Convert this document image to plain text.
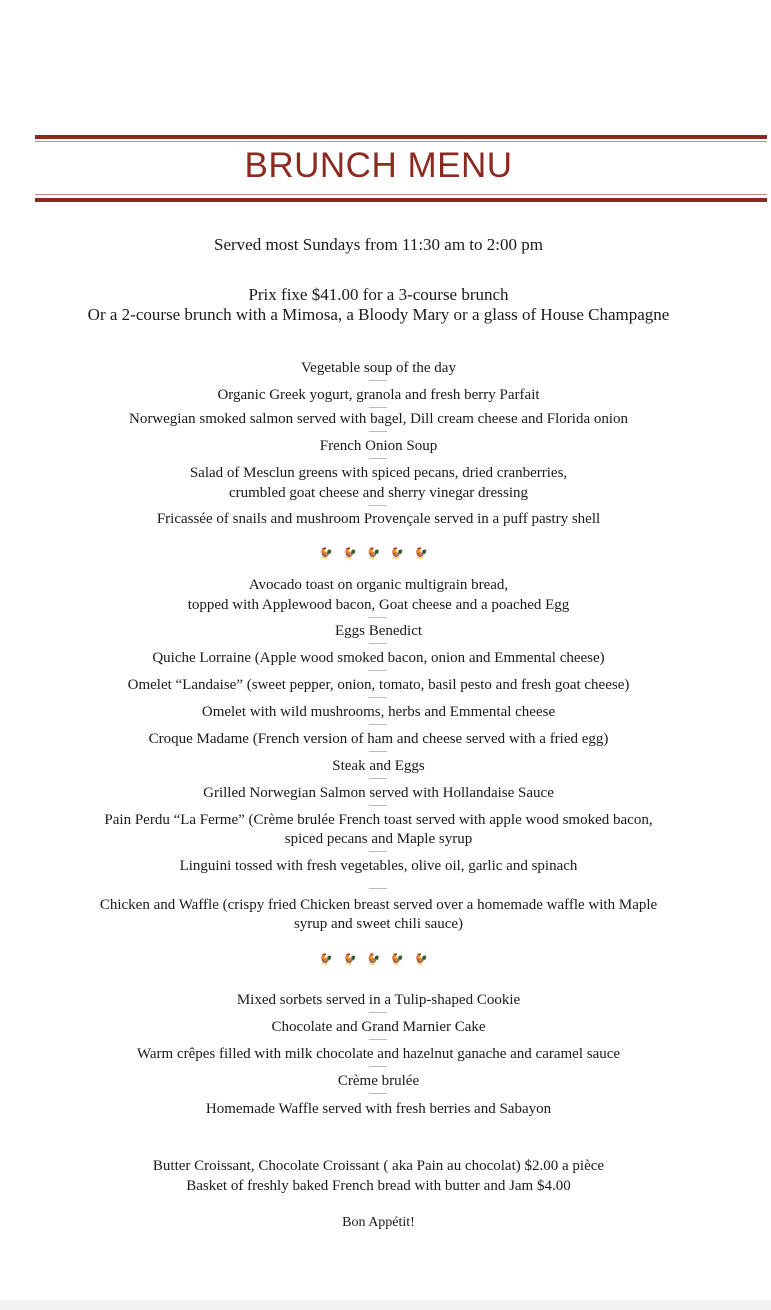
BRUNCH MENU
Served most Sundays from 11:30 am to 2:00 pm
Prix fixe $41.00 for a 3-course brunch
Or a 2-course brunch with a Mimosa, a Bloody Mary or a glass of House Champagne
Vegetable soup of the day
Organic Greek yogurt, granola and fresh berry Parfait
Norwegian smoked salmon served with bagel, Dill cream cheese and Florida onion
French Onion Soup
Salad of Mesclun greens with spiced pecans, dried cranberries,
crumbled goat cheese and sherry vinegar dressing
Fricassée of snails and mushroom Provençale served in a puff pastry shell
🐓🐓🐓🐓🐓
Avocado toast on organic multigrain bread,
topped with Applewood bacon, Goat cheese and a poached Egg
Eggs Benedict
Quiche Lorraine (Apple wood smoked bacon, onion and Emmental cheese)
Omelet “Landaise” (sweet pepper, onion, tomato, basil pesto and fresh goat cheese)
Omelet with wild mushrooms, herbs and Emmental cheese
Croque Madame (French version of ham and cheese served with a fried egg)
Steak and Eggs
Grilled Norwegian Salmon served with Hollandaise Sauce
Pain Perdu “La Ferme” (Crème brulée French toast served with apple wood smoked bacon,
spiced pecans and Maple syrup
Linguini tossed with fresh vegetables, olive oil, garlic and spinach
Chicken and Waffle (crispy fried Chicken breast served over a homemade waffle with Maple
syrup and sweet chili sauce)
🐓🐓🐓🐓🐓
Mixed sorbets served in a Tulip-shaped Cookie
Chocolate and Grand Marnier Cake
Warm crêpes filled with milk chocolate and hazelnut ganache and caramel sauce
Crème brulée
Homemade Waffle served with fresh berries and Sabayon
Butter Croissant, Chocolate Croissant ( aka Pain au chocolat) $2.00 a pièce
Basket of freshly baked French bread with butter and Jam $4.00
Bon Appétit!
